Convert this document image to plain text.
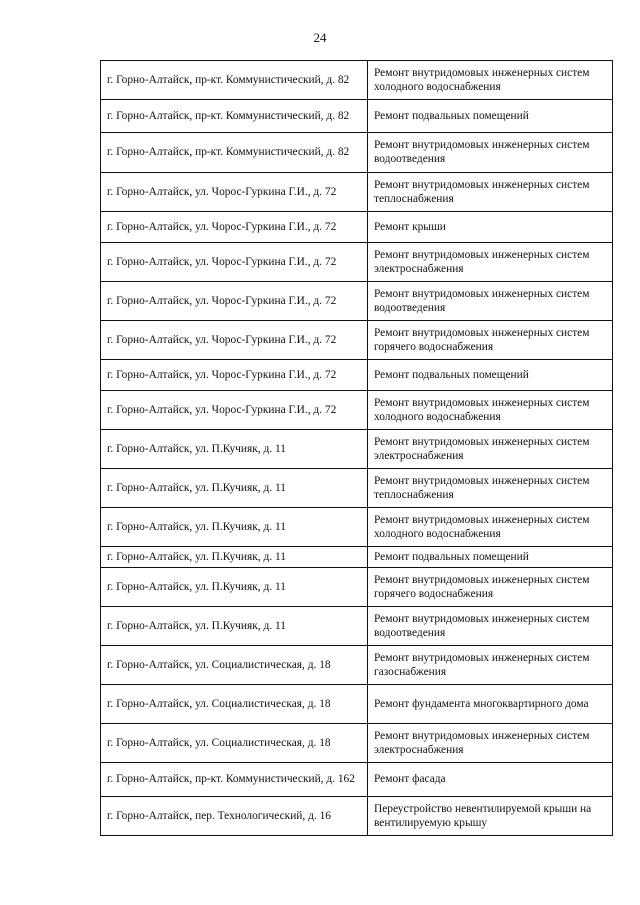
24
г. Горно-Алтайск, пр-кт. Коммунистический, д. 82	Ремонт внутридомовых инженерных систем холодного водоснабжения
г. Горно-Алтайск, пр-кт. Коммунистический, д. 82	Ремонт подвальных помещений
г. Горно-Алтайск, пр-кт. Коммунистический, д. 82	Ремонт внутридомовых инженерных систем водоотведения
г. Горно-Алтайск, ул. Чорос-Гуркина Г.И., д. 72	Ремонт внутридомовых инженерных систем теплоснабжения
г. Горно-Алтайск, ул. Чорос-Гуркина Г.И., д. 72	Ремонт крыши
г. Горно-Алтайск, ул. Чорос-Гуркина Г.И., д. 72	Ремонт внутридомовых инженерных систем электроснабжения
г. Горно-Алтайск, ул. Чорос-Гуркина Г.И., д. 72	Ремонт внутридомовых инженерных систем водоотведения
г. Горно-Алтайск, ул. Чорос-Гуркина Г.И., д. 72	Ремонт внутридомовых инженерных систем горячего водоснабжения
г. Горно-Алтайск, ул. Чорос-Гуркина Г.И., д. 72	Ремонт подвальных помещений
г. Горно-Алтайск, ул. Чорос-Гуркина Г.И., д. 72	Ремонт внутридомовых инженерных систем холодного водоснабжения
г. Горно-Алтайск, ул. П.Кучияк, д. 11	Ремонт внутридомовых инженерных систем электроснабжения
г. Горно-Алтайск, ул. П.Кучияк, д. 11	Ремонт внутридомовых инженерных систем теплоснабжения
г. Горно-Алтайск, ул. П.Кучияк, д. 11	Ремонт внутридомовых инженерных систем холодного водоснабжения
г. Горно-Алтайск, ул. П.Кучияк, д. 11	Ремонт подвальных помещений
г. Горно-Алтайск, ул. П.Кучияк, д. 11	Ремонт внутридомовых инженерных систем горячего водоснабжения
г. Горно-Алтайск, ул. П.Кучияк, д. 11	Ремонт внутридомовых инженерных систем водоотведения
г. Горно-Алтайск, ул. Социалистическая, д. 18	Ремонт внутридомовых инженерных систем газоснабжения
г. Горно-Алтайск, ул. Социалистическая, д. 18	Ремонт фундамента многоквартирного дома
г. Горно-Алтайск, ул. Социалистическая, д. 18	Ремонт внутридомовых инженерных систем электроснабжения
г. Горно-Алтайск, пр-кт. Коммунистический, д. 162	Ремонт фасада
г. Горно-Алтайск, пер. Технологический, д. 16	Переустройство невентилируемой крыши на вентилируемую крышу
